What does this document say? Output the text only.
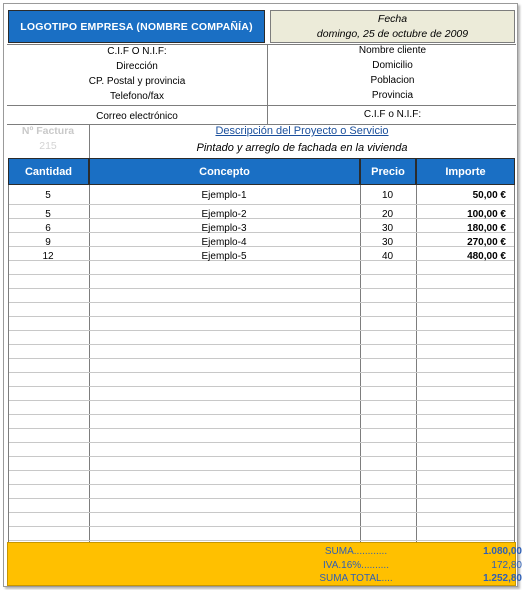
LOGOTIPO EMPRESA (NOMBRE COMPAÑÍA)
Fecha
domingo, 25 de octubre de 2009
C.I.F O N.I.F:
Dirección
CP. Postal y provincia
Telefono/fax
Correo electrónico
Nombre cliente
Domicilio
Poblacion
Provincia
C.I.F o N.I.F:
Nº Factura
215
Descripción del Proyecto o Servicio
Pintado y arreglo de fachada en la vivienda
Cantidad	Concepto	Precio	Importe
5	Ejemplo-1	10	50,00 €
5	Ejemplo-2	20	100,00 €
6	Ejemplo-3	30	180,00 €
9	Ejemplo-4	30	270,00 €
12	Ejemplo-5	40	480,00 €
SUMA............	1.080,00
IVA.16%..........	172,80
SUMA TOTAL....	1.252,80
